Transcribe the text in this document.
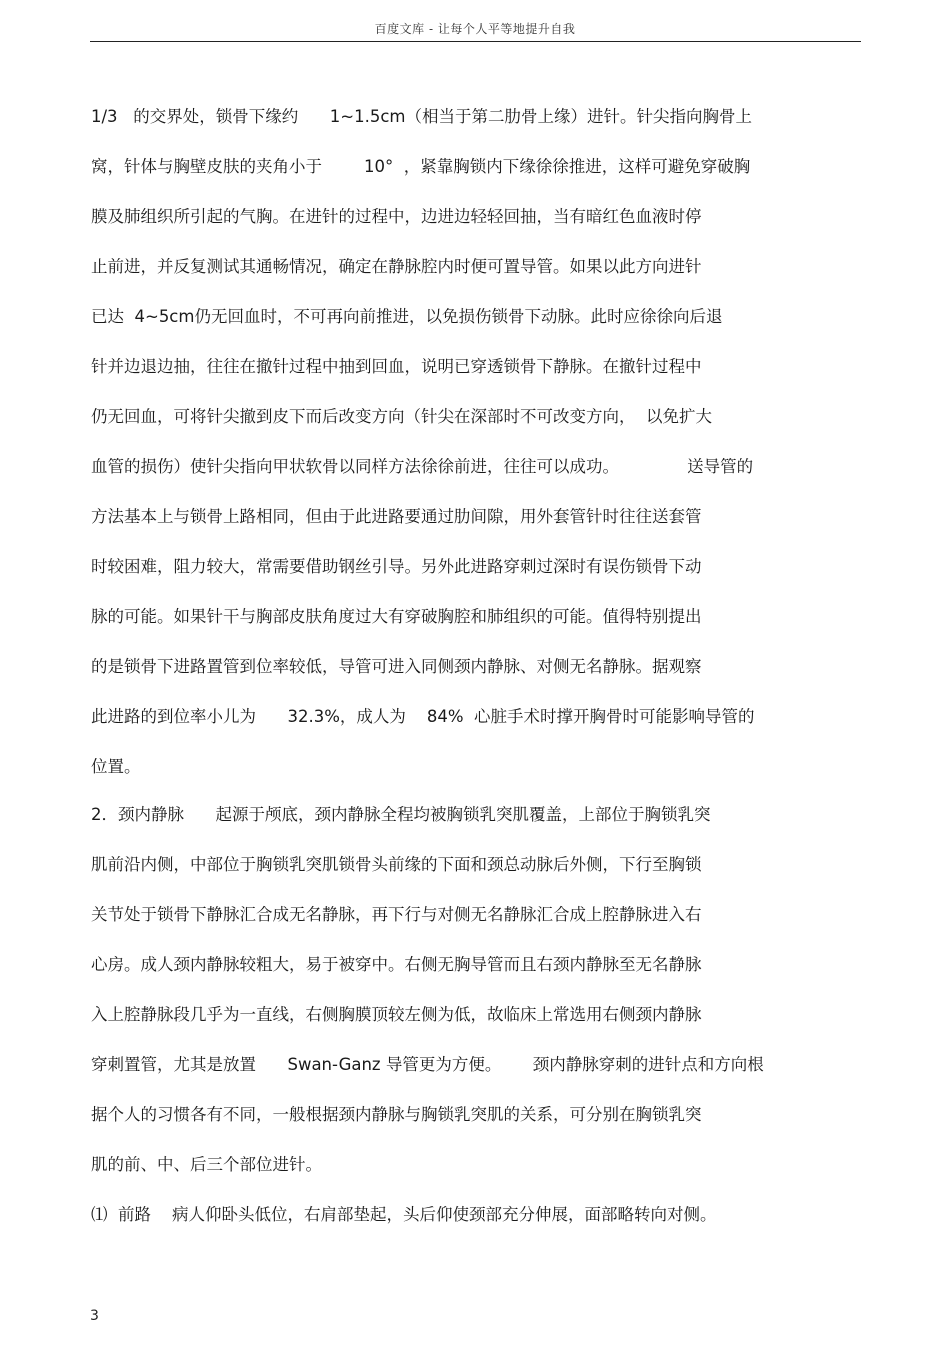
百度文库 - 让每个人平等地提升自我
1/3   的交界处，锁骨下缘约      1~1.5cm（相当于第二肋骨上缘）进针。针尖指向胸骨上
窝，针体与胸壁皮肤的夹角小于        10°  ，紧靠胸锁内下缘徐徐推进，这样可避免穿破胸
膜及肺组织所引起的气胸。在进针的过程中，边进边轻轻回抽，当有暗红色血液时停
止前进，并反复测试其通畅情况，确定在静脉腔内时便可置导管。如果以此方向进针
已达  4~5cm仍无回血时，不可再向前推进，以免损伤锁骨下动脉。此时应徐徐向后退
针并边退边抽，往往在撤针过程中抽到回血，说明已穿透锁骨下静脉。在撤针过程中
仍无回血，可将针尖撤到皮下而后改变方向（针尖在深部时不可改变方向，  以免扩大
血管的损伤）使针尖指向甲状软骨以同样方法徐徐前进，往往可以成功。             送导管的
方法基本上与锁骨上路相同，但由于此进路要通过肋间隙，用外套管针时往往送套管
时较困难，阻力较大，常需要借助钢丝引导。另外此进路穿刺过深时有误伤锁骨下动
脉的可能。如果针干与胸部皮肤角度过大有穿破胸腔和肺组织的可能。值得特别提出
的是锁骨下进路置管到位率较低，导管可进入同侧颈内静脉、对侧无名静脉。据观察
此进路的到位率小儿为      32.3%，成人为    84%  心脏手术时撑开胸骨时可能影响导管的
位置。
2．颈内静脉      起源于颅底，颈内静脉全程均被胸锁乳突肌覆盖，上部位于胸锁乳突
肌前沿内侧，中部位于胸锁乳突肌锁骨头前缘的下面和颈总动脉后外侧，下行至胸锁
关节处于锁骨下静脉汇合成无名静脉，再下行与对侧无名静脉汇合成上腔静脉进入右
心房。成人颈内静脉较粗大，易于被穿中。右侧无胸导管而且右颈内静脉至无名静脉
入上腔静脉段几乎为一直线，右侧胸膜顶较左侧为低，故临床上常选用右侧颈内静脉
穿刺置管，尤其是放置      Swan-Ganz 导管更为方便。      颈内静脉穿刺的进针点和方向根
据个人的习惯各有不同，一般根据颈内静脉与胸锁乳突肌的关系，可分别在胸锁乳突
肌的前、中、后三个部位进针。
⑴  前路    病人仰卧头低位，右肩部垫起，头后仰使颈部充分伸展，面部略转向对侧。
3
